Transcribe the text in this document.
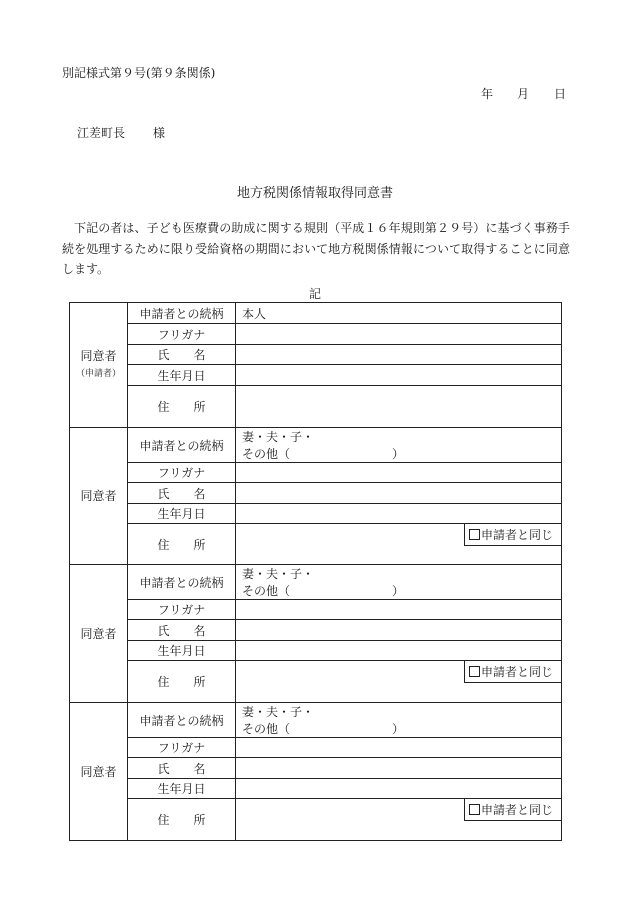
別記様式第９号(第９条関係)
年 月 日
江差町長 様
地方税関係情報取得同意書
下記の者は、子ども医療費の助成に関する規則（平成１６年規則第２９号）に基づく事務手続を処理するために限り受給資格の期間において地方税関係情報について取得することに同意します。
記
同意者
（申請者）	申請者との続柄	本人
	フリガナ	
	氏　　名	
	生年月日	
	住　　所	
同意者	申請者との続柄	妻・夫・子・その他（ ）
	フリガナ	
	氏　　名	
	生年月日	
	住　　所	申請者と同じ

同意者	申請者との続柄	妻・夫・子・その他（ ）
	フリガナ	
	氏　　名	
	生年月日	
	住　　所	申請者と同じ

同意者	申請者との続柄	妻・夫・子・その他（ ）
	フリガナ	
	氏　　名	
	生年月日	
	住　　所	申請者と同じ
